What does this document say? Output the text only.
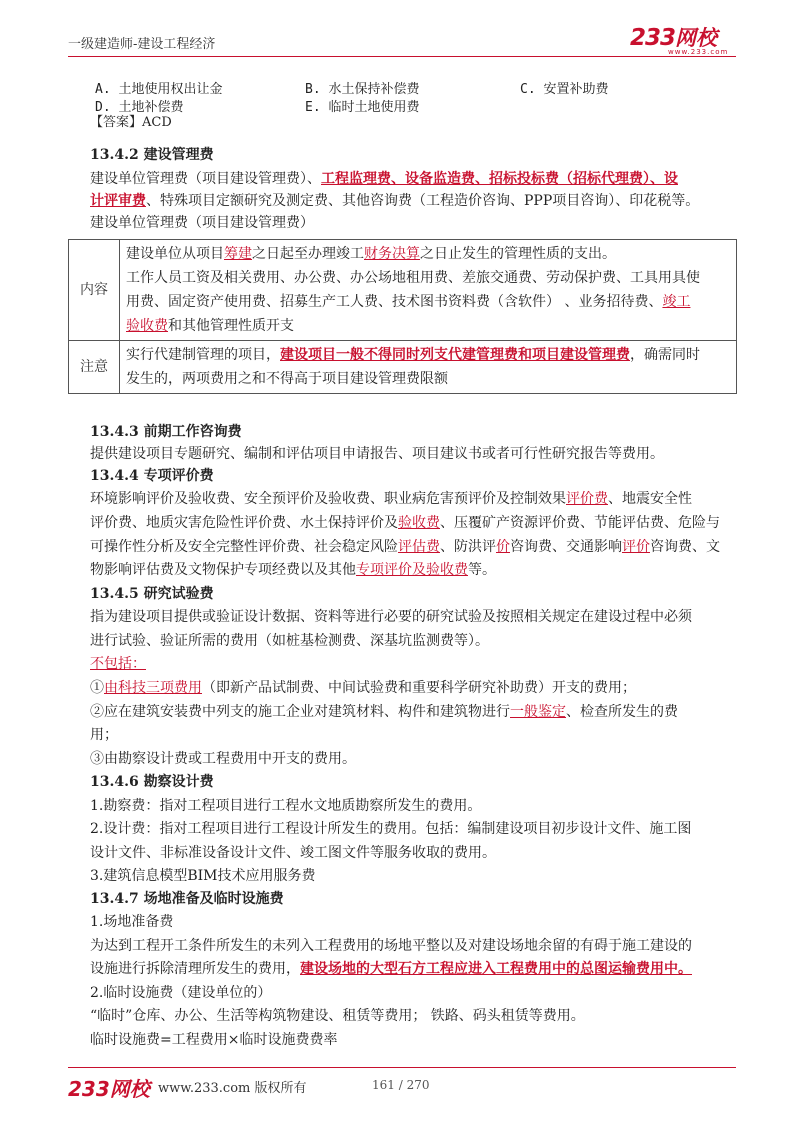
一级建造师-建设工程经济	233网校
www.233.com
A. 土地使用权出让金	B. 水土保持补偿费	C. 安置补助费
D. 土地补偿费	E. 临时土地使用费
【答案】ACD
13.4.2 建设管理费
建设单位管理费（项目建设管理费）、工程监理费、设备监造费、招标投标费（招标代理费）、设
计评审费、特殊项目定额研究及测定费、其他咨询费（工程造价咨询、PPP项目咨询）、印花税等。
建设单位管理费（项目建设管理费）
内容	建设单位从项目筹建之日起至办理竣工财务决算之日止发生的管理性质的支出。
工作人员工资及相关费用、办公费、办公场地租用费、差旅交通费、劳动保护费、工具用具使
用费、固定资产使用费、招募生产工人费、技术图书资料费（含软件） 、业务招待费、竣工
验收费和其他管理性质开支

注意	实行代建制管理的项目，建设项目一般不得同时列支代建管理费和项目建设管理费，确需同时
发生的，两项费用之和不得高于项目建设管理费限额
13.4.3 前期工作咨询费
提供建设项目专题研究、编制和评估项目申请报告、项目建议书或者可行性研究报告等费用。
13.4.4 专项评价费
环境影响评价及验收费、安全预评价及验收费、职业病危害预评价及控制效果评价费、地震安全性
评价费、地质灾害危险性评价费、水土保持评价及验收费、压覆矿产资源评价费、节能评估费、危险与
可操作性分析及安全完整性评价费、社会稳定风险评估费、防洪评价咨询费、交通影响评价咨询费、文
物影响评估费及文物保护专项经费以及其他专项评价及验收费等。
13.4.5 研究试验费
指为建设项目提供或验证设计数据、资料等进行必要的研究试验及按照相关规定在建设过程中必须
进行试验、验证所需的费用（如桩基检测费、深基坑监测费等）。
不包括：
①由科技三项费用（即新产品试制费、中间试验费和重要科学研究补助费）开支的费用；
②应在建筑安装费中列支的施工企业对建筑材料、构件和建筑物进行一般鉴定、检查所发生的费
用；
③由勘察设计费或工程费用中开支的费用。
13.4.6 勘察设计费
1.勘察费：指对工程项目进行工程水文地质勘察所发生的费用。
2.设计费：指对工程项目进行工程设计所发生的费用。包括：编制建设项目初步设计文件、施工图
设计文件、非标准设备设计文件、竣工图文件等服务收取的费用。
3.建筑信息模型BIM技术应用服务费
13.4.7 场地准备及临时设施费
1.场地准备费
为达到工程开工条件所发生的未列入工程费用的场地平整以及对建设场地余留的有碍于施工建设的
设施进行拆除清理所发生的费用，建设场地的大型石方工程应进入工程费用中的总图运输费用中。
2.临时设施费（建设单位的）
“临时”仓库、办公、生活等构筑物建设、租赁等费用； 铁路、码头租赁等费用。
临时设施费=工程费用×临时设施费费率
233网校 www.233.com 版权所有	161 / 270
